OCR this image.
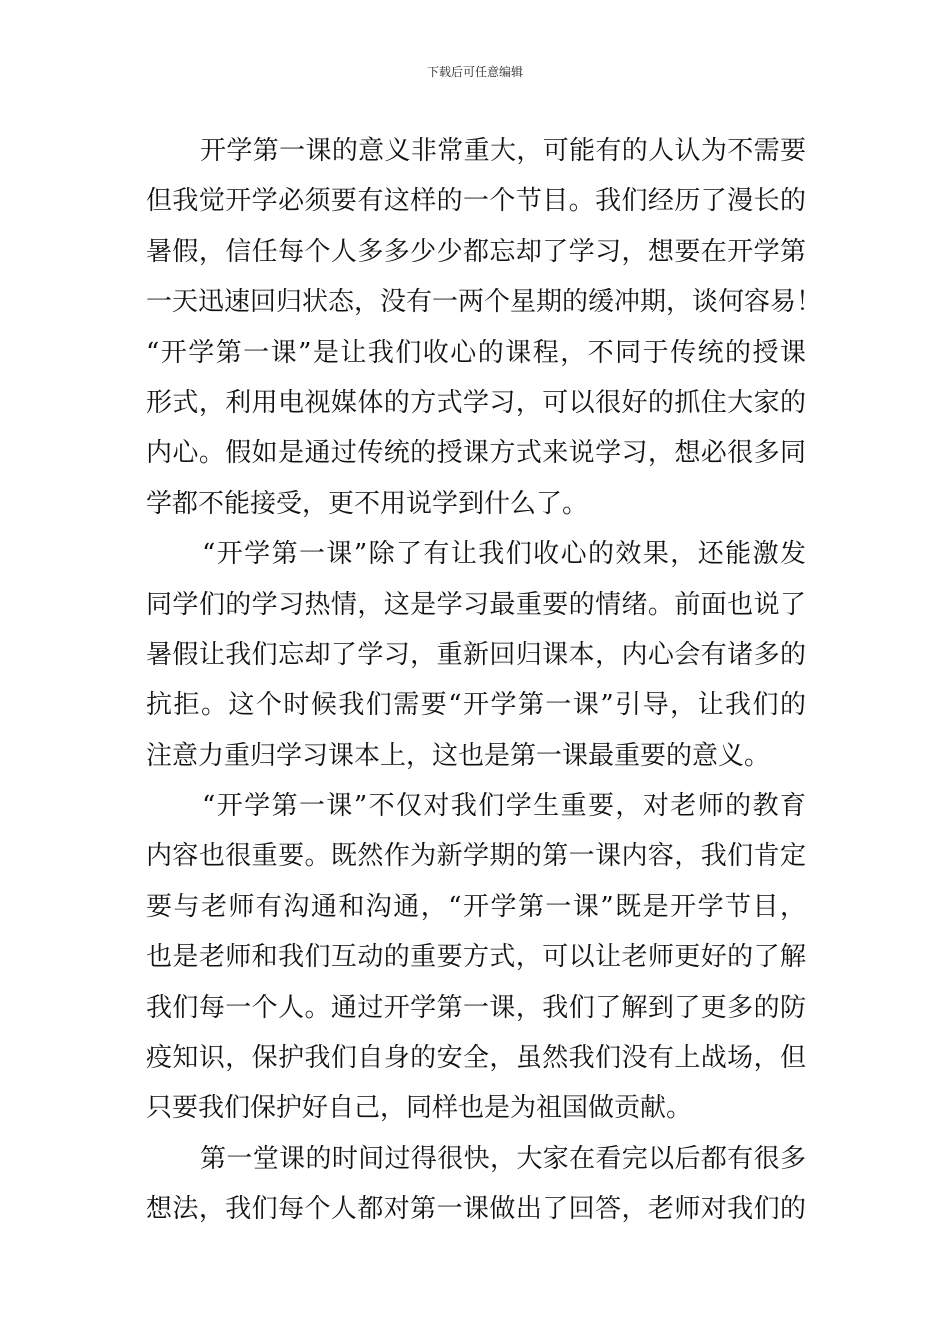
下载后可任意编辑
开学第一课的意义非常重大，可能有的人认为不需要
但我觉开学必须要有这样的一个节目。我们经历了漫长的
暑假，信任每个人多多少少都忘却了学习，想要在开学第
一天迅速回归状态，没有一两个星期的缓冲期，谈何容易！
“开学第一课”是让我们收心的课程，不同于传统的授课
形式，利用电视媒体的方式学习，可以很好的抓住大家的
内心。假如是通过传统的授课方式来说学习，想必很多同
学都不能接受，更不用说学到什么了。
“开学第一课”除了有让我们收心的效果，还能激发
同学们的学习热情，这是学习最重要的情绪。前面也说了
暑假让我们忘却了学习，重新回归课本，内心会有诸多的
抗拒。这个时候我们需要“开学第一课”引导，让我们的
注意力重归学习课本上，这也是第一课最重要的意义。
“开学第一课”不仅对我们学生重要，对老师的教育
内容也很重要。既然作为新学期的第一课内容，我们肯定
要与老师有沟通和沟通，“开学第一课”既是开学节目，
也是老师和我们互动的重要方式，可以让老师更好的了解
我们每一个人。通过开学第一课，我们了解到了更多的防
疫知识，保护我们自身的安全，虽然我们没有上战场，但
只要我们保护好自己，同样也是为祖国做贡献。
第一堂课的时间过得很快，大家在看完以后都有很多
想法，我们每个人都对第一课做出了回答，老师对我们的
